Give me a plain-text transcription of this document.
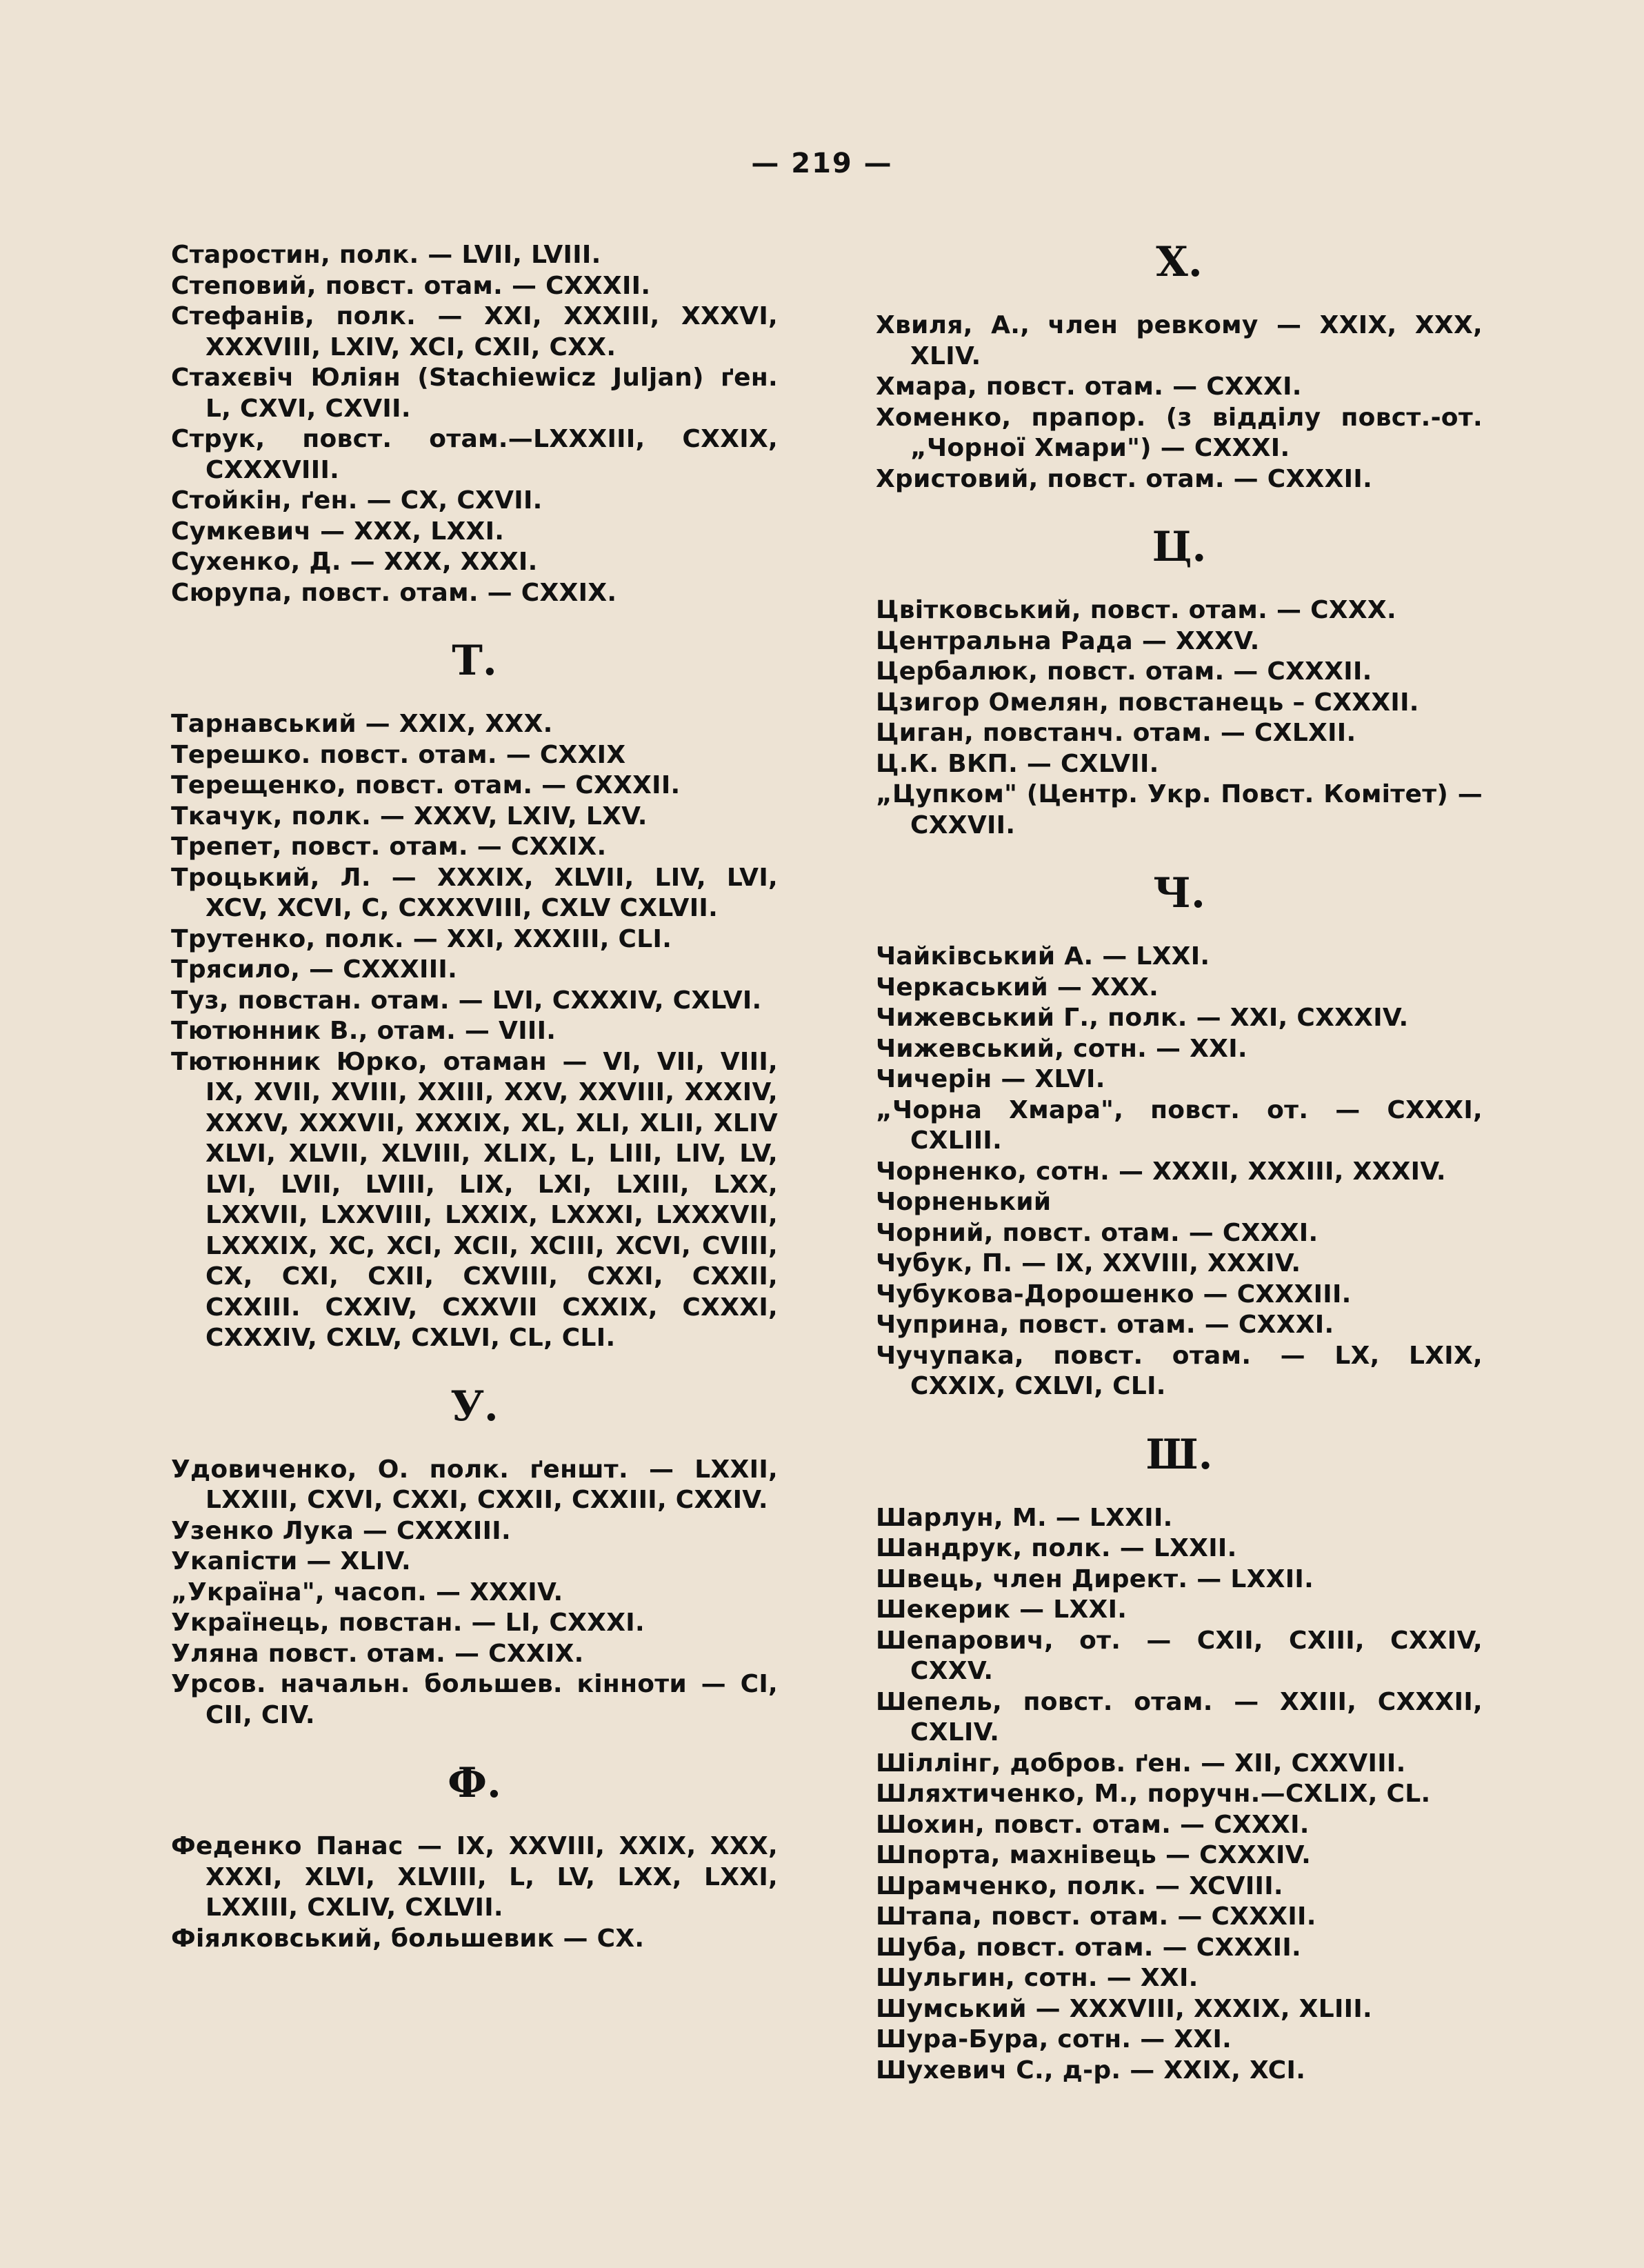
— 219 —
Старостин, полк. — LVII, LVIII.
Степовий, повст. отам. — CXXXII.
Стефанів, полк. — XXI, XXXIII, XXXVI, XXXVIII, LXIV, XCI, CXII, CXX.
Стахєвіч Юліян (Stachiewicz Juljan) ґен. L, CXVI, CXVII.
Струк, повст. отам.—LXXXIII, CXXIX, CXXXVIII.
Стойкін, ґен. — CX, CXVII.
Сумкевич — XXX, LXXI.
Сухенко, Д. — XXX, XXXI.
Сюрупа, повст. отам. — CXXIX.
Т.
Тарнавський — XXIX, XXX.
Терешко. повст. отам. — CXXIX
Терещенко, повст. отам. — CXXXII.
Ткачук, полк. — XXXV, LXIV, LXV.
Трепет, повст. отам. — CXXIX.
Троцький, Л. — XXXIX, XLVII, LIV, LVI, XCV, XCVI, C, CXXXVIII, CXLV CXLVII.
Трутенко, полк. — XXI, XXXIII, CLI.
Трясило, — CXXXIII.
Туз, повстан. отам. — LVI, CXXXIV, CXLVI.
Тютюнник В., отам. — VIII.
Тютюнник Юрко, отаман — VI, VII, VIII, IX, XVII, XVIII, XXIII, XXV, XXVIII, XXXIV, XXXV, XXXVII, XXXIX, XL, XLI, XLII, XLIV XLVI, XLVII, XLVIII, XLIX, L, LIII, LIV, LV, LVI, LVII, LVIII, LIX, LXI, LXIII, LXX, LXXVII, LXXVIII, LXXIX, LXXXI, LXXXVII, LXXXIX, XC, XCI, XCII, XCIII, XCVI, CVIII, CX, CXI, CXII, CXVIII, CXXI, CXXII, CXXIII. CXXIV, CXXVII CXXIX, CXXXI, CXXXIV, CXLV, CXLVI, CL, CLI.
У.
Удовиченко, О. полк. ґеншт. — LXXII, LXXIII, CXVI, CXXI, CXXII, CXXIII, CXXIV.
Узенко Лука — CXXXIII.
Укапісти — XLIV.
„Україна", часоп. — XXXIV.
Українець, повстан. — LI, CXXXI.
Уляна повст. отам. — CXXIX.
Урсов. начальн. большев. кінноти — CI, CII, CIV.
Ф.
Феденко Панас — IX, XXVIII, XXIX, XXX, XXXI, XLVI, XLVIII, L, LV, LXX, LXXI, LXXIII, CXLIV, CXLVII.
Фіялковський, большевик — CX.
Х.
Хвиля, А., член ревкому — XXIX, XXX, XLIV.
Хмара, повст. отам. — CXXXI.
Хоменко, прапор. (з відділу повст.-от. „Чорної Хмари") — CXXXI.
Христовий, повст. отам. — CXXXII.
Ц.
Цвітковський, повст. отам. — CXXX.
Центральна Рада — XXXV.
Цербалюк, повст. отам. — CXXXII.
Цзигор Омелян, повстанець – CXXXII.
Циган, повстанч. отам. — CXLXII.
Ц.К. ВКП. — CXLVII.
„Цупком" (Центр. Укр. Повст. Комітет) — CXXVII.
Ч.
Чайківський А. — LXXI.
Черкаський — XXX.
Чижевський Г., полк. — XXI, CXXXIV.
Чижевський, сотн. — XXI.
Чичерін — XLVI.
„Чорна Хмара", повст. от. — CXXXI, CXLIII.
Чорненко, сотн. — XXXII, XXXIII, XXXIV.
Чорненький
Чорний, повст. отам. — CXXXI.
Чубук, П. — IX, XXVIII, XXXIV.
Чубукова-Дорошенко — CXXXIII.
Чуприна, повст. отам. — CXXXI.
Чучупака, повст. отам. — LX, LXIX, CXXIX, CXLVI, CLI.
Ш.
Шарлун, М. — LXXII.
Шандрук, полк. — LXXII.
Швець, член Директ. — LXXII.
Шекерик — LXXI.
Шепарович, от. — CXII, CXIII, CXXIV, CXXV.
Шепель, повст. отам. — XXIII, CXXXII, CXLIV.
Шіллінг, добров. ґен. — XII, CXXVIII.
Шляхтиченко, М., поручн.—CXLIX, CL.
Шохин, повст. отам. — CXXXI.
Шпорта, махнівець — CXXXIV.
Шрамченко, полк. — XCVIII.
Штапа, повст. отам. — CXXXII.
Шуба, повст. отам. — CXXXII.
Шульгин, сотн. — XXI.
Шумський — XXXVIII, XXXIX, XLIII.
Шура-Бура, сотн. — XXI.
Шухевич С., д-р. — XXIX, XCI.
